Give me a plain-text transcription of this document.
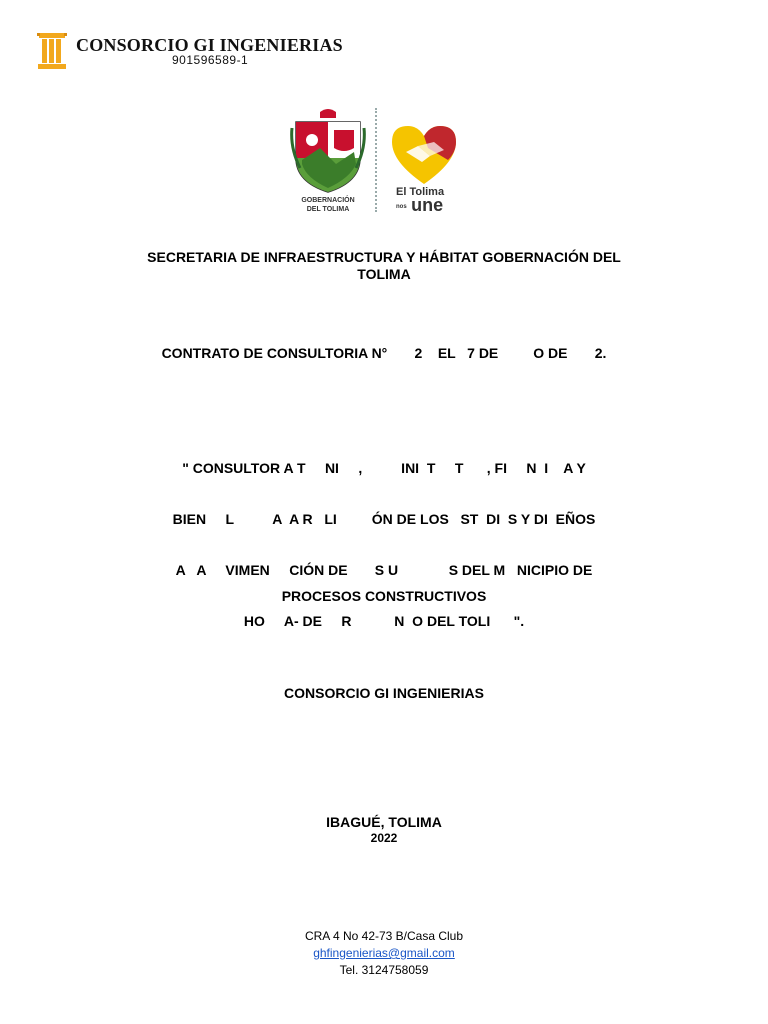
CONSORCIO GI INGENIERIAS
901596589-1
GOBERNACIÓN
DEL TOLIMA
El Tolima
nos une
SECRETARIA DE INFRAESTRUCTURA Y HÁBITAT GOBERNACIÓN DEL
TOLIMA
CONTRATO DE CONSULTORIA N°       2    EL   7 DE         O DE       2.

" CONSULTOR A T     NI     ,          INI  T     T      , FI     N  I    A Y

BIEN     L          A  A R   LI         ÓN DE LOS   ST  DI  S Y DI  EÑOS

A   A     VIMEN     CIÓN DE       S U             S DEL M   NICIPIO DE

HO     A- DE     R           N  O DEL TOLI      ".

PROCESOS CONSTRUCTIVOS
CONSORCIO GI INGENIERIAS
IBAGUÉ, TOLIMA
2022
CRA 4 No 42-73 B/Casa Club
ghfingenierias@gmail.com
Tel. 3124758059
